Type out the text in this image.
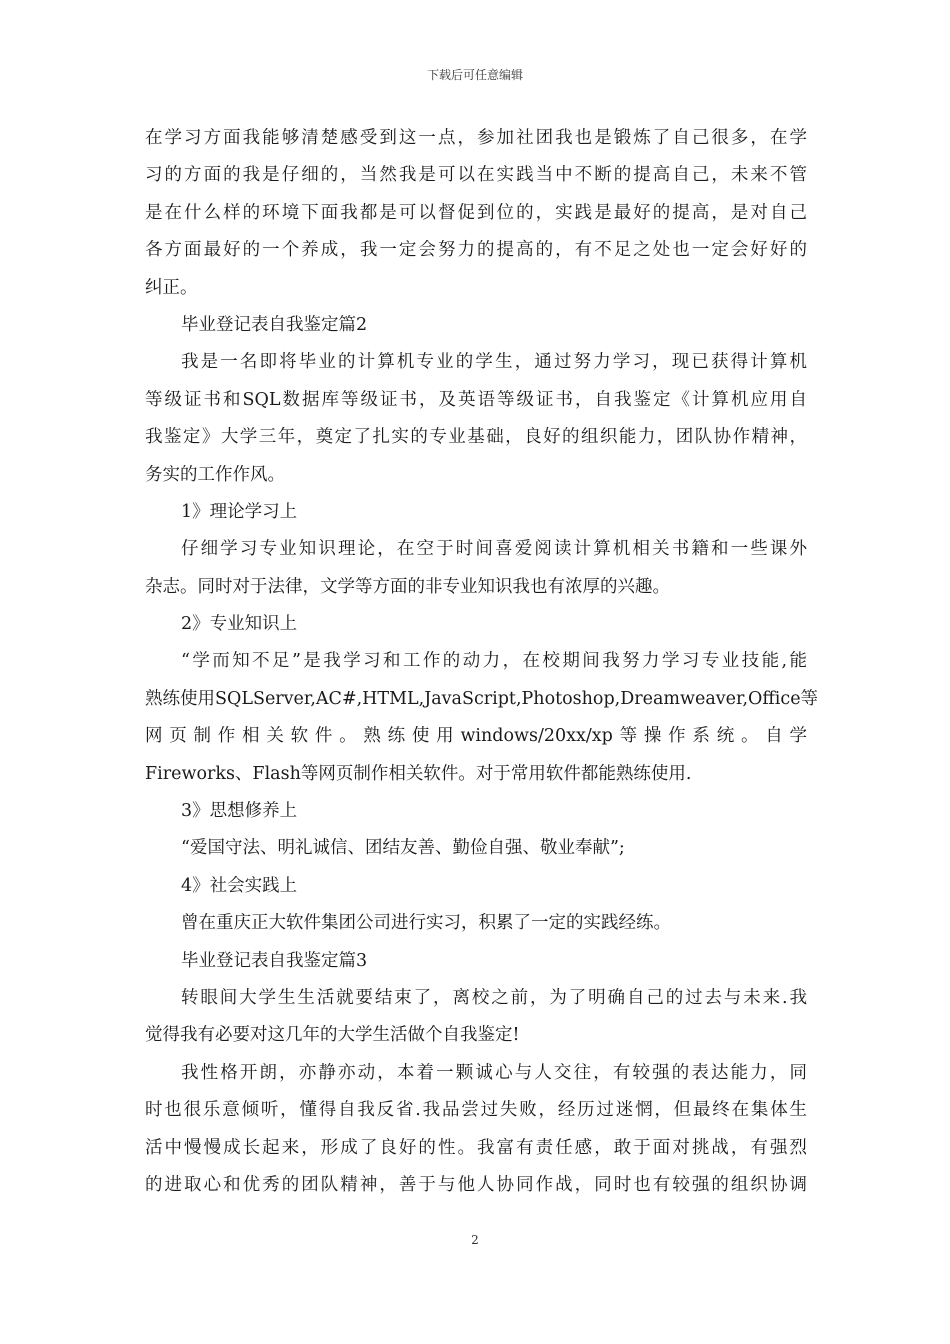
下载后可任意编辑
在学习方面我能够清楚感受到这一点，参加社团我也是锻炼了自己很多，在学
习的方面的我是仔细的，当然我是可以在实践当中不断的提高自己，未来不管
是在什么样的环境下面我都是可以督促到位的，实践是最好的提高，是对自己
各方面最好的一个养成，我一定会努力的提高的，有不足之处也一定会好好的
纠正。
毕业登记表自我鉴定篇2
我是一名即将毕业的计算机专业的学生，通过努力学习，现已获得计算机
等级证书和SQL数据库等级证书，及英语等级证书，自我鉴定《计算机应用自
我鉴定》大学三年，奠定了扎实的专业基础，良好的组织能力，团队协作精神，
务实的工作作风。
1》理论学习上
仔细学习专业知识理论，在空于时间喜爱阅读计算机相关书籍和一些课外
杂志。同时对于法律，文学等方面的非专业知识我也有浓厚的兴趣。
2》专业知识上
“学而知不足”是我学习和工作的动力，在校期间我努力学习专业技能,能
熟练使用SQLServer,AC#,HTML,JavaScript,Photoshop,Dreamweaver,Office等
网页制作相关软件。熟练使用windows/20xx/xp等操作系统。自学
Fireworks、Flash等网页制作相关软件。对于常用软件都能熟练使用.
3》思想修养上
“爱国守法、明礼诚信、团结友善、勤俭自强、敬业奉献”;
4》社会实践上
曾在重庆正大软件集团公司进行实习，积累了一定的实践经练。
毕业登记表自我鉴定篇3
转眼间大学生生活就要结束了，离校之前，为了明确自己的过去与未来.我
觉得我有必要对这几年的大学生活做个自我鉴定!
我性格开朗，亦静亦动，本着一颗诚心与人交往，有较强的表达能力，同
时也很乐意倾听，懂得自我反省.我品尝过失败，经历过迷惘，但最终在集体生
活中慢慢成长起来，形成了良好的性。我富有责任感，敢于面对挑战，有强烈
的进取心和优秀的团队精神，善于与他人协同作战，同时也有较强的组织协调
2
